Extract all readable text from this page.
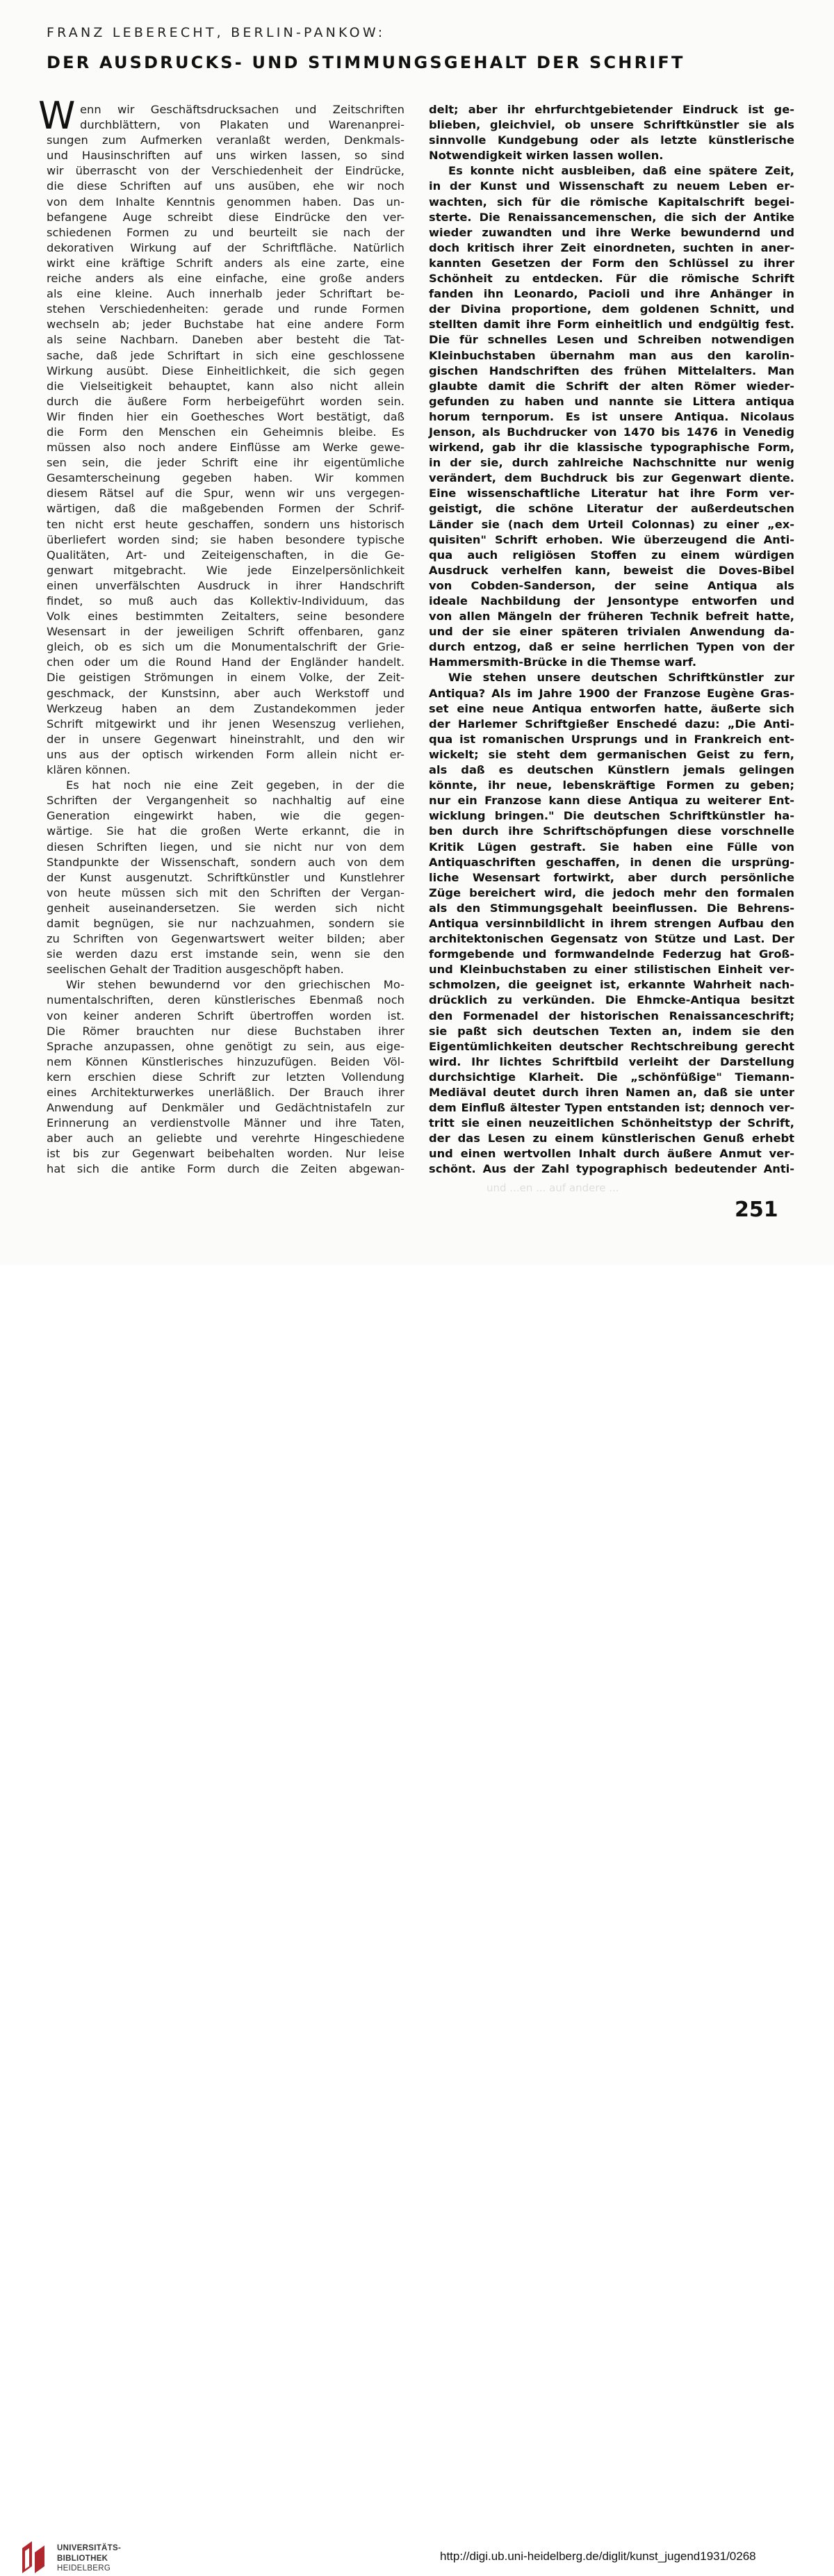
FRANZ LEBERECHT, BERLIN-PANKOW:
DER AUSDRUCKS- UND STIMMUNGSGEHALT DER SCHRIFT
W enn wir Geschäftsdrucksachen und Zeitschriften
durchblättern, von Plakaten und Warenanprei-
sungen zum Aufmerken veranlaßt werden, Denkmals-
und Hausinschriften auf uns wirken lassen, so sind
wir überrascht von der Verschiedenheit der Eindrücke,
die diese Schriften auf uns ausüben, ehe wir noch
von dem Inhalte Kenntnis genommen haben. Das un-
befangene Auge schreibt diese Eindrücke den ver-
schiedenen Formen zu und beurteilt sie nach der
dekorativen Wirkung auf der Schriftfläche. Natürlich
wirkt eine kräftige Schrift anders als eine zarte, eine
reiche anders als eine einfache, eine große anders
als eine kleine. Auch innerhalb jeder Schriftart be-
stehen Verschiedenheiten: gerade und runde Formen
wechseln ab; jeder Buchstabe hat eine andere Form
als seine Nachbarn. Daneben aber besteht die Tat-
sache, daß jede Schriftart in sich eine geschlossene
Wirkung ausübt. Diese Einheitlichkeit, die sich gegen
die Vielseitigkeit behauptet, kann also nicht allein
durch die äußere Form herbeigeführt worden sein.
Wir finden hier ein Goethesches Wort bestätigt, daß
die Form den Menschen ein Geheimnis bleibe. Es
müssen also noch andere Einflüsse am Werke gewe-
sen sein, die jeder Schrift eine ihr eigentümliche
Gesamterscheinung gegeben haben. Wir kommen
diesem Rätsel auf die Spur, wenn wir uns vergegen-
wärtigen, daß die maßgebenden Formen der Schrif-
ten nicht erst heute geschaffen, sondern uns historisch
überliefert worden sind; sie haben besondere typische
Qualitäten, Art- und Zeiteigenschaften, in die Ge-
genwart mitgebracht. Wie jede Einzelpersönlichkeit
einen unverfälschten Ausdruck in ihrer Handschrift
findet, so muß auch das Kollektiv-Individuum, das
Volk eines bestimmten Zeitalters, seine besondere
Wesensart in der jeweiligen Schrift offenbaren, ganz
gleich, ob es sich um die Monumentalschrift der Grie-
chen oder um die Round Hand der Engländer handelt.
Die geistigen Strömungen in einem Volke, der Zeit-
geschmack, der Kunstsinn, aber auch Werkstoff und
Werkzeug haben an dem Zustandekommen jeder
Schrift mitgewirkt und ihr jenen Wesenszug verliehen,
der in unsere Gegenwart hineinstrahlt, und den wir
uns aus der optisch wirkenden Form allein nicht er-
klären können.
Es hat noch nie eine Zeit gegeben, in der die
Schriften der Vergangenheit so nachhaltig auf eine
Generation eingewirkt haben, wie die gegen-
wärtige. Sie hat die großen Werte erkannt, die in
diesen Schriften liegen, und sie nicht nur von dem
Standpunkte der Wissenschaft, sondern auch von dem
der Kunst ausgenutzt. Schriftkünstler und Kunstlehrer
von heute müssen sich mit den Schriften der Vergan-
genheit auseinandersetzen. Sie werden sich nicht
damit begnügen, sie nur nachzuahmen, sondern sie
zu Schriften von Gegenwartswert weiter bilden; aber
sie werden dazu erst imstande sein, wenn sie den
seelischen Gehalt der Tradition ausgeschöpft haben.
Wir stehen bewundernd vor den griechischen Mo-
numentalschriften, deren künstlerisches Ebenmaß noch
von keiner anderen Schrift übertroffen worden ist.
Die Römer brauchten nur diese Buchstaben ihrer
Sprache anzupassen, ohne genötigt zu sein, aus eige-
nem Können Künstlerisches hinzuzufügen. Beiden Völ-
kern erschien diese Schrift zur letzten Vollendung
eines Architekturwerkes unerläßlich. Der Brauch ihrer
Anwendung auf Denkmäler und Gedächtnistafeln zur
Erinnerung an verdienstvolle Männer und ihre Taten,
aber auch an geliebte und verehrte Hingeschiedene
ist bis zur Gegenwart beibehalten worden. Nur leise
hat sich die antike Form durch die Zeiten abgewan-
delt; aber ihr ehrfurchtgebietender Eindruck ist ge-
blieben, gleichviel, ob unsere Schriftkünstler sie als
sinnvolle Kundgebung oder als letzte künstlerische
Notwendigkeit wirken lassen wollen.
Es konnte nicht ausbleiben, daß eine spätere Zeit,
in der Kunst und Wissenschaft zu neuem Leben er-
wachten, sich für die römische Kapitalschrift begei-
sterte. Die Renaissancemenschen, die sich der Antike
wieder zuwandten und ihre Werke bewundernd und
doch kritisch ihrer Zeit einordneten, suchten in aner-
kannten Gesetzen der Form den Schlüssel zu ihrer
Schönheit zu entdecken. Für die römische Schrift
fanden ihn Leonardo, Pacioli und ihre Anhänger in
der Divina proportione, dem goldenen Schnitt, und
stellten damit ihre Form einheitlich und endgültig fest.
Die für schnelles Lesen und Schreiben notwendigen
Kleinbuchstaben übernahm man aus den karolin-
gischen Handschriften des frühen Mittelalters. Man
glaubte damit die Schrift der alten Römer wieder-
gefunden zu haben und nannte sie Littera antiqua
horum ternporum. Es ist unsere Antiqua. Nicolaus
Jenson, als Buchdrucker von 1470 bis 1476 in Venedig
wirkend, gab ihr die klassische typographische Form,
in der sie, durch zahlreiche Nachschnitte nur wenig
verändert, dem Buchdruck bis zur Gegenwart diente.
Eine wissenschaftliche Literatur hat ihre Form ver-
geistigt, die schöne Literatur der außerdeutschen
Länder sie (nach dem Urteil Colonnas) zu einer „ex-
quisiten" Schrift erhoben. Wie überzeugend die Anti-
qua auch religiösen Stoffen zu einem würdigen
Ausdruck verhelfen kann, beweist die Doves-Bibel
von Cobden-Sanderson, der seine Antiqua als
ideale Nachbildung der Jensontype entworfen und
von allen Mängeln der früheren Technik befreit hatte,
und der sie einer späteren trivialen Anwendung da-
durch entzog, daß er seine herrlichen Typen von der
Hammersmith-Brücke in die Themse warf.
Wie stehen unsere deutschen Schriftkünstler zur
Antiqua? Als im Jahre 1900 der Franzose Eugène Gras-
set eine neue Antiqua entworfen hatte, äußerte sich
der Harlemer Schriftgießer Enschedé dazu: „Die Anti-
qua ist romanischen Ursprungs und in Frankreich ent-
wickelt; sie steht dem germanischen Geist zu fern,
als daß es deutschen Künstlern jemals gelingen
könnte, ihr neue, lebenskräftige Formen zu geben;
nur ein Franzose kann diese Antiqua zu weiterer Ent-
wicklung bringen." Die deutschen Schriftkünstler ha-
ben durch ihre Schriftschöpfungen diese vorschnelle
Kritik Lügen gestraft. Sie haben eine Fülle von
Antiquaschriften geschaffen, in denen die ursprüng-
liche Wesensart fortwirkt, aber durch persönliche
Züge bereichert wird, die jedoch mehr den formalen
als den Stimmungsgehalt beeinflussen. Die Behrens-
Antiqua versinnbildlicht in ihrem strengen Aufbau den
architektonischen Gegensatz von Stütze und Last. Der
formgebende und formwandelnde Federzug hat Groß-
und Kleinbuchstaben zu einer stilistischen Einheit ver-
schmolzen, die geeignet ist, erkannte Wahrheit nach-
drücklich zu verkünden. Die Ehmcke-Antiqua besitzt
den Formenadel der historischen Renaissanceschrift;
sie paßt sich deutschen Texten an, indem sie den
Eigentümlichkeiten deutscher Rechtschreibung gerecht
wird. Ihr lichtes Schriftbild verleiht der Darstellung
durchsichtige Klarheit. Die „schönfüßige" Tiemann-
Mediäval deutet durch ihren Namen an, daß sie unter
dem Einfluß ältester Typen entstanden ist; dennoch ver-
tritt sie einen neuzeitlichen Schönheitstyp der Schrift,
der das Lesen zu einem künstlerischen Genuß erhebt
und einen wertvollen Inhalt durch äußere Anmut ver-
schönt. Aus der Zahl typographisch bedeutender Anti-
und ...en ... auf andere ...
251
UNIVERSITÄTS-
BIBLIOTHEK
HEIDELBERG
http://digi.ub.uni-heidelberg.de/diglit/kunst_jugend1931/0268
